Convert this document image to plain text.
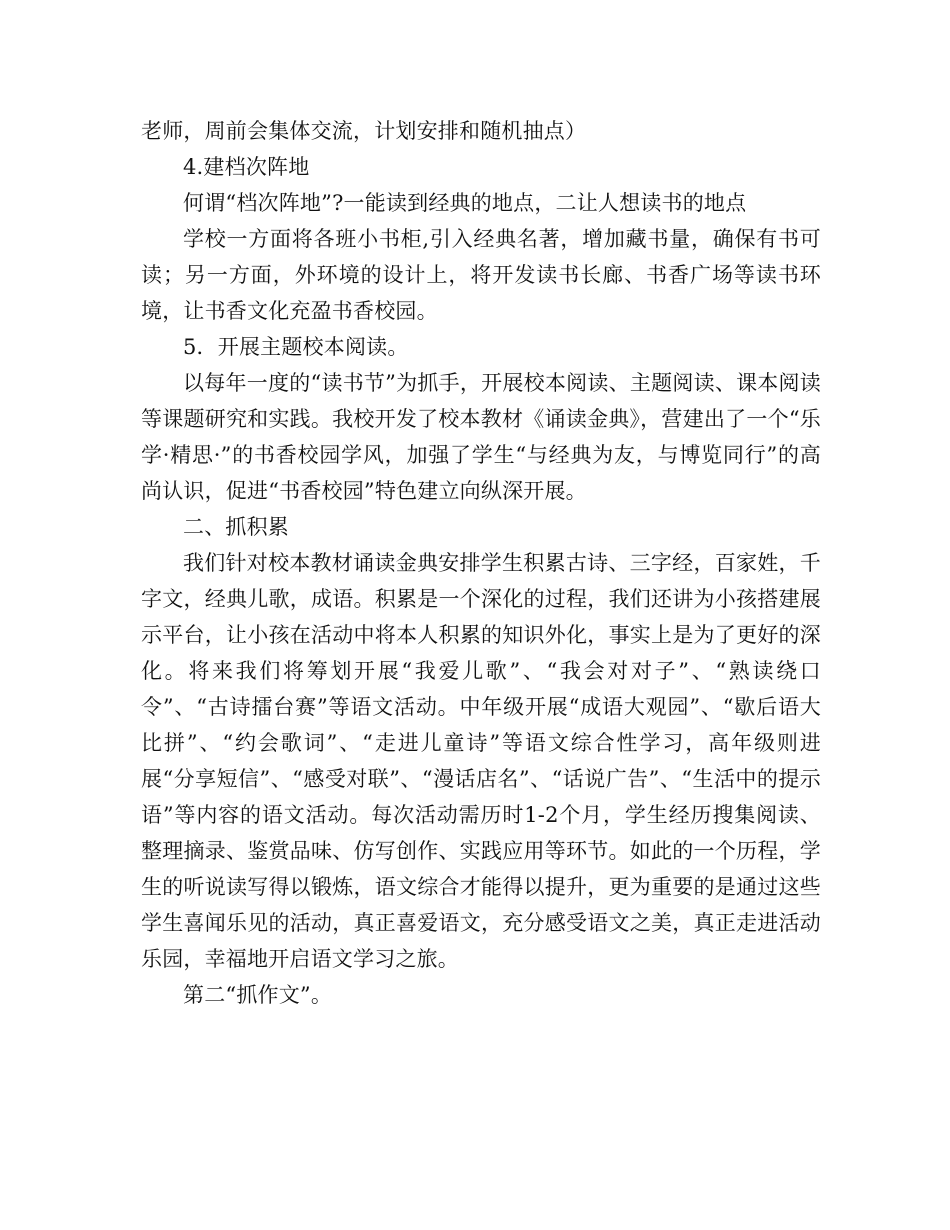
老师，周前会集体交流，计划安排和随机抽点）

4.建档次阵地

何谓“档次阵地”?一能读到经典的地点，二让人想读书的地点

学校一方面将各班小书柜,引入经典名著，增加藏书量，确保有书可读；另一方面，外环境的设计上，将开发读书长廊、书香广场等读书环境，让书香文化充盈书香校园。

5．开展主题校本阅读。

以每年一度的“读书节”为抓手，开展校本阅读、主题阅读、课本阅读等课题研究和实践。我校开发了校本教材《诵读金典》，营建出了一个“乐学·精思·”的书香校园学风，加强了学生“与经典为友，与博览同行”的高尚认识，促进“书香校园”特色建立向纵深开展。

二、抓积累

我们针对校本教材诵读金典安排学生积累古诗、三字经，百家姓，千字文，经典儿歌，成语。积累是一个深化的过程，我们还讲为小孩搭建展示平台，让小孩在活动中将本人积累的知识外化，事实上是为了更好的深化。将来我们将筹划开展“我爱儿歌”、“我会对对子”、“熟读绕口令”、“古诗擂台赛”等语文活动。中年级开展“成语大观园”、“歇后语大比拼”、“约会歌词”、“走进儿童诗”等语文综合性学习，高年级则进展“分享短信”、“感受对联”、“漫话店名”、“话说广告”、“生活中的提示语”等内容的语文活动。每次活动需历时1-2个月，学生经历搜集阅读、整理摘录、鉴赏品味、仿写创作、实践应用等环节。如此的一个历程，学生的听说读写得以锻炼，语文综合才能得以提升，更为重要的是通过这些学生喜闻乐见的活动，真正喜爱语文，充分感受语文之美，真正走进活动乐园，幸福地开启语文学习之旅。

第二“抓作文”。
